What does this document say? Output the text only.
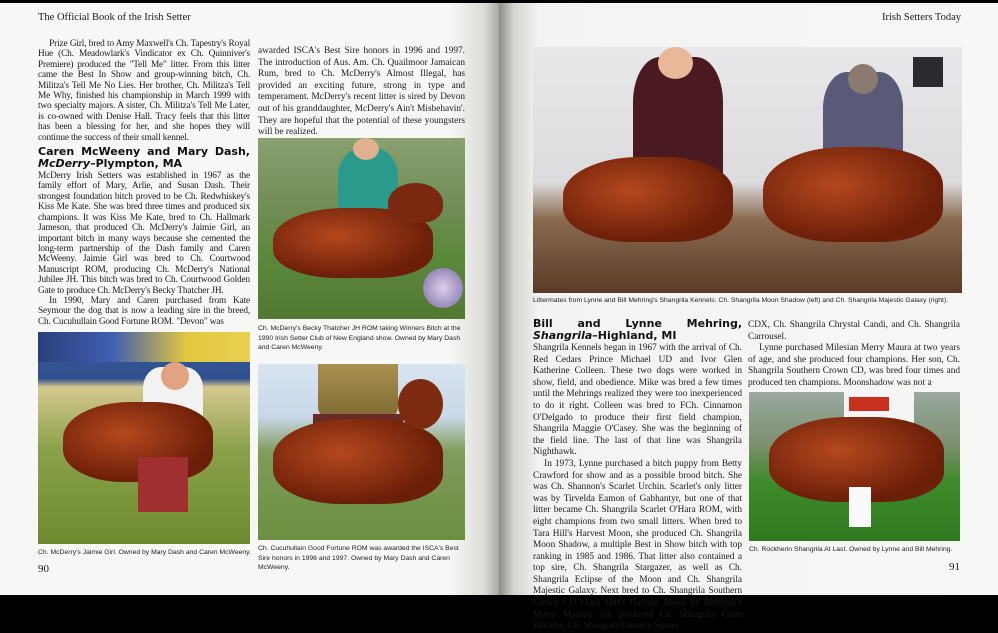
The Official Book of the Irish Setter

Prize Girl, bred to Amy Maxwell's Ch. Tapestry's Royal Hue (Ch. Meadowlark's Vindicator ex Ch. Quinniver's Premiere) produced the "Tell Me" litter. From this litter came the Best In Show and group-winning bitch, Ch. Militza's Tell Me No Lies. Her brother, Ch. Militza's Tell Me Why, finished his championship in March 1999 with two specialty majors. A sister, Ch. Militza's Tell Me Later, is co-owned with Denise Hall. Tracy feels that this litter has been a blessing for her, and she hopes they will continue the success of their small kennel.

Caren McWeeny and Mary Dash, McDerry–Plympton, MA

McDerry Irish Setters was established in 1967 as the family effort of Mary, Arlie, and Susan Dash. Their strongest foundation bitch proved to be Ch. Redwhiskey's Kiss Me Kate. She was bred three times and produced six champions. It was Kiss Me Kate, bred to Ch. Hallmark Jameson, that produced Ch. McDerry's Jaimie Girl, an important bitch in many ways because she cemented the long-term partnership of the Dash family and Caren McWeeny. Jaimie Girl was bred to Ch. Courtwood Manuscript ROM, producing Ch. McDerry's National Jubilee JH. This bitch was bred to Ch. Courtwood Golden Gate to produce Ch. McDerry's Becky Thatcher JH.

In 1990, Mary and Caren purchased from Kate Seymour the dog that is now a leading sire in the breed, Ch. Cucuhullain Good Fortune ROM. "Devon" was

awarded ISCA's Best Sire honors in 1996 and 1997. The introduction of Aus. Am. Ch. Quailmoor Jamaican Rum, bred to Ch. McDerry's Almost Illegal, has provided an exciting future, strong in type and temperament. McDerry's recent litter is sired by Devon out of his granddaughter, McDerry's Ain't Misbehavin'. They are hopeful that the potential of these youngsters will be realized.

Ch. McDerry's Becky Thatcher JH ROM taking Winners Bitch at the 1990 Irish Setter Club of New England show. Owned by Mary Dash and Caren McWeeny.
Ch. McDerry's Jaimie Girl. Owned by Mary Dash and Caren McWeeny.
Ch. Cucuhullain Good Fortune ROM was awarded the ISCA's Best Sire honors in 1996 and 1997. Owned by Mary Dash and Caren McWeeny.
90
Irish Setters Today
Littermates from Lynne and Bill Mehring's Shangrila Kennels: Ch. Shangrila Moon Shadow (left) and Ch. Shangrila Majestic Galaxy (right).
Bill and Lynne Mehring, Shangrila–Highland, MI

Shangrila Kennels began in 1967 with the arrival of Ch. Red Cedars Prince Michael UD and Ivor Glen Katherine Colleen. These two dogs were worked in show, field, and obedience. Mike was bred a few times until the Mehrings realized they were too inexperienced to do it right. Colleen was bred to FCh. Cinnamon O'Delgado to produce their first field champion, Shangrila Maggie O'Casey. She was the beginning of the field line. The last of that line was Shangrila Nighthawk.

In 1973, Lynne purchased a bitch puppy from Betty Crawford for show and as a possible brood bitch. She was Ch. Shannon's Scarlet Urchin. Scarlet's only litter was by Tirvelda Eamon of Gabhantyr, but one of that litter became Ch. Shangrila Scarlet O'Hara ROM, with eight champions from two small litters. When bred to Tara Hill's Harvest Moon, she produced Ch. Shangrila Moon Shadow, a multiple Best in Show bitch with top ranking in 1985 and 1986. That litter also contained a top sire, Ch. Shangrila Stargazer, as well as Ch. Shangrila Eclipse of the Moon and Ch. Shangrila Majestic Galaxy. Next bred to Ch. Shangrila Southern Crown CD (Tara Hill's Harvest Moon ex Milesian's Merry Maura), she produced Ch. Shangrila Carte Blanche, Ch. Shangrila Country Squire

CDX, Ch. Shangrila Chrystal Candi, and Ch. Shangrila Carrousel.

Lynne purchased Milesian Merry Maura at two years of age, and she produced four champions. Her son, Ch. Shangrila Southern Crown CD, was bred four times and produced ten champions. Moonshadow was not a

Ch. Rockherin Shangrila At Last. Owned by Lynne and Bill Mehring.
91
